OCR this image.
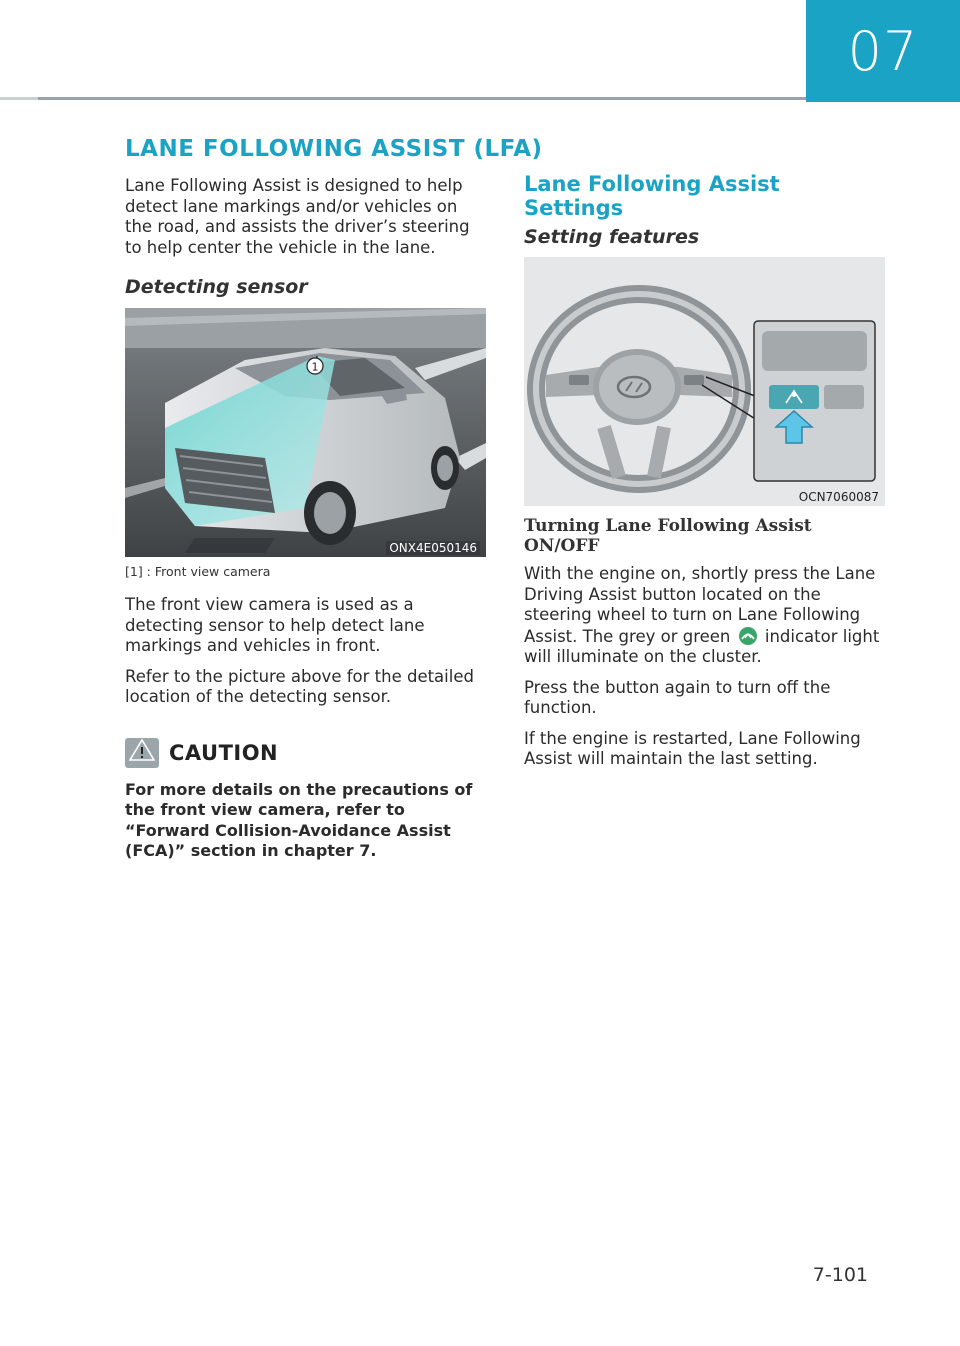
07
LANE FOLLOWING ASSIST (LFA)

Lane Following Assist is designed to help detect lane markings and/or vehicles on the road, and assists the driver’s steering to help center the vehicle in the lane.

Detecting sensor
1
ONX4E050146
[1] : Front view camera

The front view camera is used as a detecting sensor to help detect lane markings and vehicles in front.

Refer to the picture above for the detailed location of the detecting sensor.

CAUTION

For more details on the precautions of the front view camera, refer to “Forward Collision-Avoidance Assist (FCA)” section in chapter 7.

Lane Following Assist Settings
Setting features
OCN7060087
Turning Lane Following Assist ON/OFF

With the engine on, shortly press the Lane Driving Assist button located on the steering wheel to turn on Lane Following Assist. The grey or green indicator light will illuminate on the cluster.

Press the button again to turn off the function.

If the engine is restarted, Lane Following Assist will maintain the last setting.

7-101
